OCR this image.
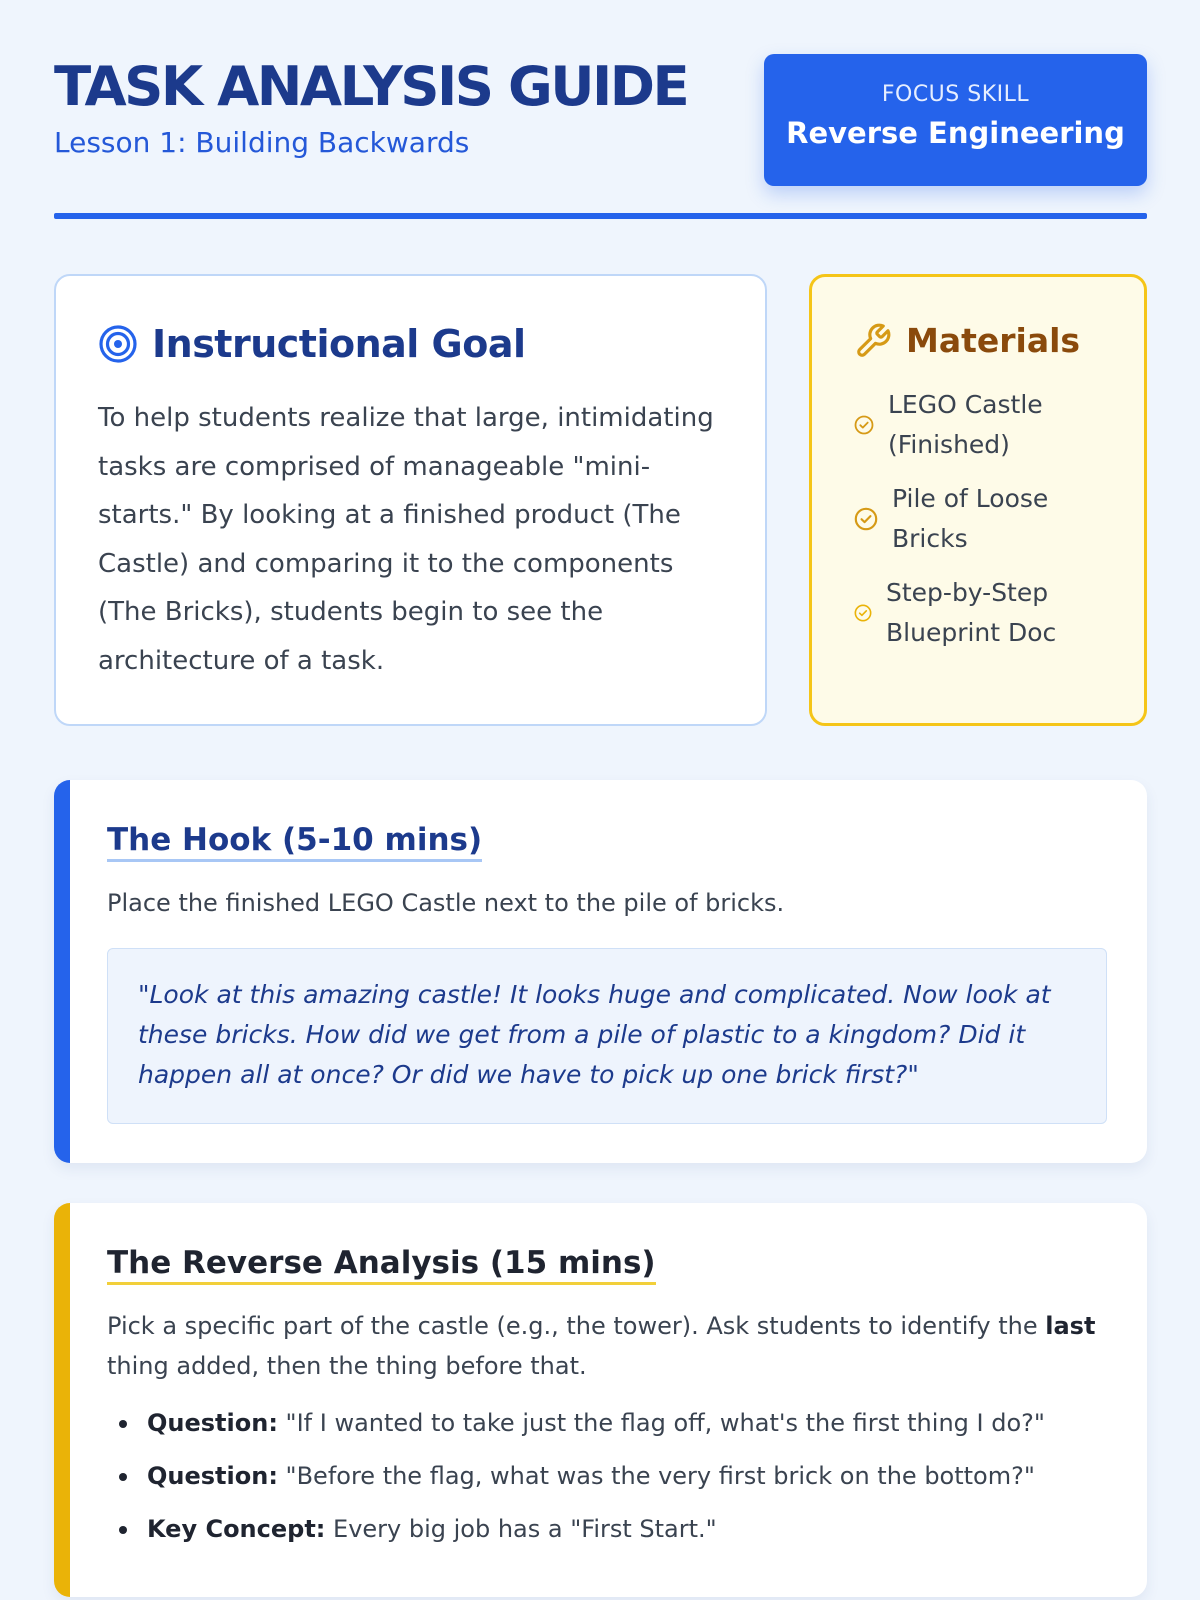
TASK ANALYSIS GUIDE
Lesson 1: Building Backwards
FOCUS SKILL
Reverse Engineering
Instructional Goal
To help students realize that large, intimidating tasks are comprised of manageable "mini-starts." By looking at a finished product (The Castle) and comparing it to the components (The Bricks), students begin to see the architecture of a task.
Materials
LEGO Castle (Finished)
Pile of Loose Bricks
Step-by-Step Blueprint Doc
The Hook (5-10 mins)
Place the finished LEGO Castle next to the pile of bricks.
"Look at this amazing castle! It looks huge and complicated. Now look at these bricks. How did we get from a pile of plastic to a kingdom? Did it happen all at once? Or did we have to pick up one brick first?"
The Reverse Analysis (15 mins)
Pick a specific part of the castle (e.g., the tower). Ask students to identify the last thing added, then the thing before that.
Question: "If I wanted to take just the flag off, what's the first thing I do?"
Question: "Before the flag, what was the very first brick on the bottom?"
Key Concept: Every big job has a "First Start."
